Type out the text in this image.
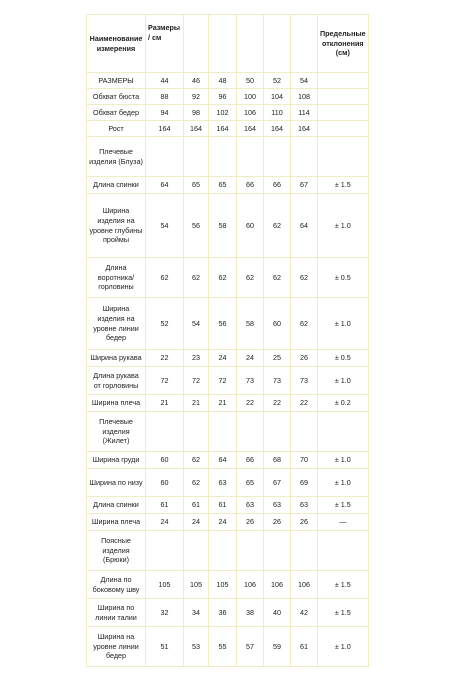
Наименование измерения	Размеры / см						Предельные отклонения (см)
РАЗМЕРЫ	44	46	48	50	52	54	
Обхват бюста	88	92	96	100	104	108	
Обхват бедер	94	98	102	106	110	114	
Рост	164	164	164	164	164	164	
Плечевые изделия (Блуза)							
Длина спинки	64	65	65	66	66	67	± 1.5
Ширина изделия на уровне глубины проймы	54	56	58	60	62	64	± 1.0
Длина воротника/ горловины	62	62	62	62	62	62	± 0.5
Ширина изделия на уровне линии бедер	52	54	56	58	60	62	± 1.0
Ширина рукава	22	23	24	24	25	26	± 0.5
Длина рукава от горловины	72	72	72	73	73	73	± 1.0
Ширина плеча	21	21	21	22	22	22	± 0.2
Плечевые изделия (Жилет)							
Ширина груди	60	62	64	66	68	70	± 1.0
Ширина по низу	60	62	63	65	67	69	± 1.0
Длина спинки	61	61	61	63	63	63	± 1.5
Ширина плеча	24	24	24	26	26	26	—
Поясные изделия (Брюки)							
Длина по боковому шву	105	105	105	106	106	106	± 1.5
Ширина по линии талии	32	34	36	38	40	42	± 1.5
Ширина на уровне линии бедер	51	53	55	57	59	61	± 1.0
